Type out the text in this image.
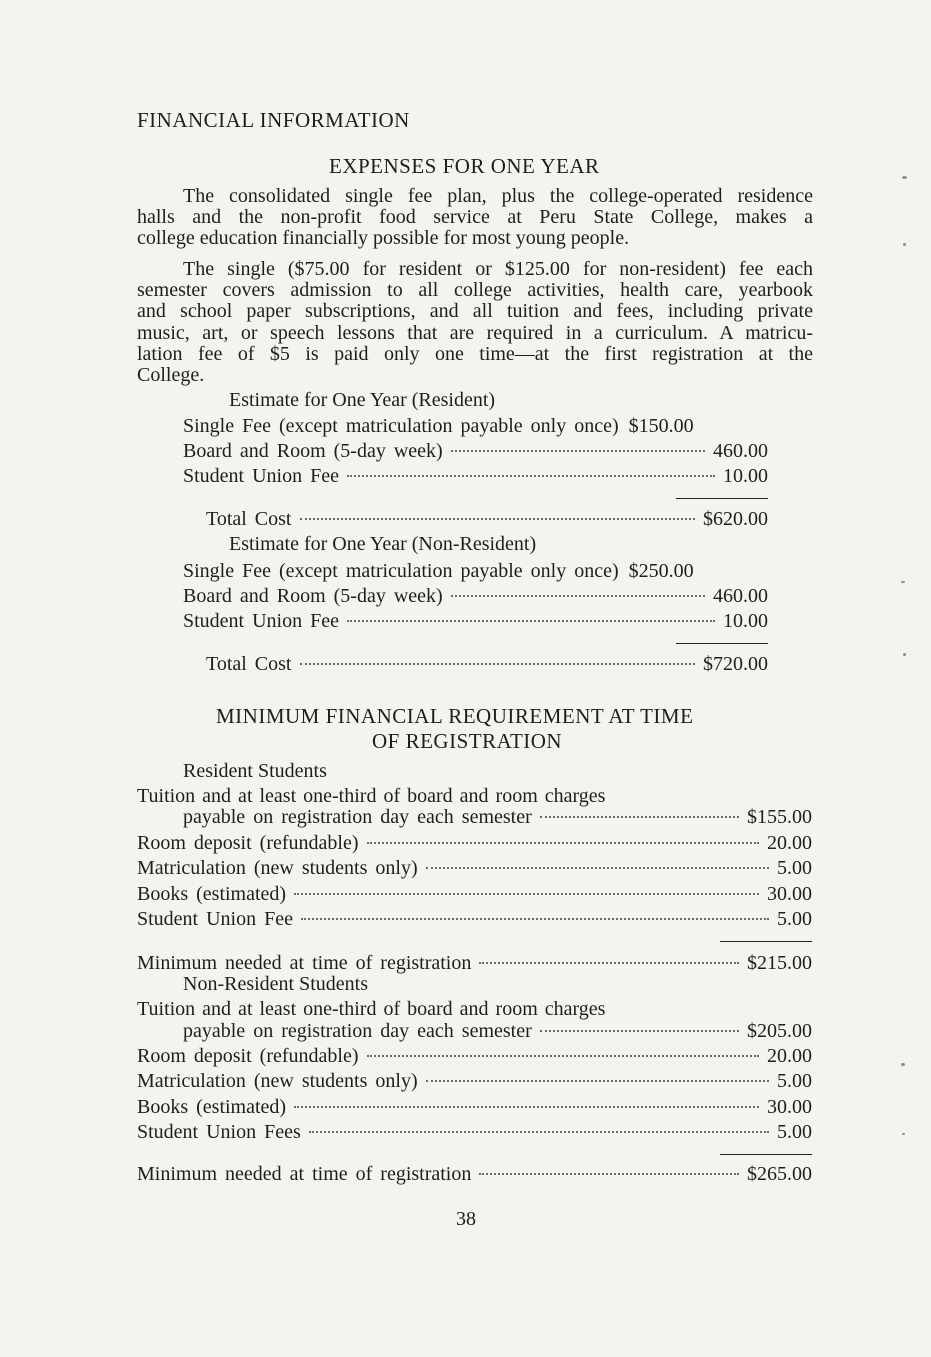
FINANCIAL INFORMATION
EXPENSES FOR ONE YEAR
The consolidated single fee plan, plus the college-operated residence
halls and the non-profit food service at Peru State College, makes a
college education financially possible for most young people.
The single ($75.00 for resident or $125.00 for non-resident) fee each
semester covers admission to all college activities, health care, yearbook
and school paper subscriptions, and all tuition and fees, including private
music, art, or speech lessons that are required in a curriculum. A matricu-
lation fee of $5 is paid only one time—at the first registration at the
College.
Estimate for One Year (Resident)
Single Fee (except matriculation payable only once) $150.00
Board and Room (5-day week)	460.00
Student Union Fee	10.00
Total Cost	$620.00
Estimate for One Year (Non-Resident)
Single Fee (except matriculation payable only once) $250.00
Board and Room (5-day week)	460.00
Student Union Fee	10.00
Total Cost	$720.00
MINIMUM FINANCIAL REQUIREMENT AT TIME
OF REGISTRATION
Resident Students
Tuition and at least one-third of board and room charges
payable on registration day each semester	$155.00
Room deposit (refundable)	20.00
Matriculation (new students only)	5.00
Books (estimated)	30.00
Student Union Fee	5.00
Minimum needed at time of registration	$215.00
Non-Resident Students
Tuition and at least one-third of board and room charges
payable on registration day each semester	$205.00
Room deposit (refundable)	20.00
Matriculation (new students only)	5.00
Books (estimated)	30.00
Student Union Fees	5.00
Minimum needed at time of registration	$265.00
38
